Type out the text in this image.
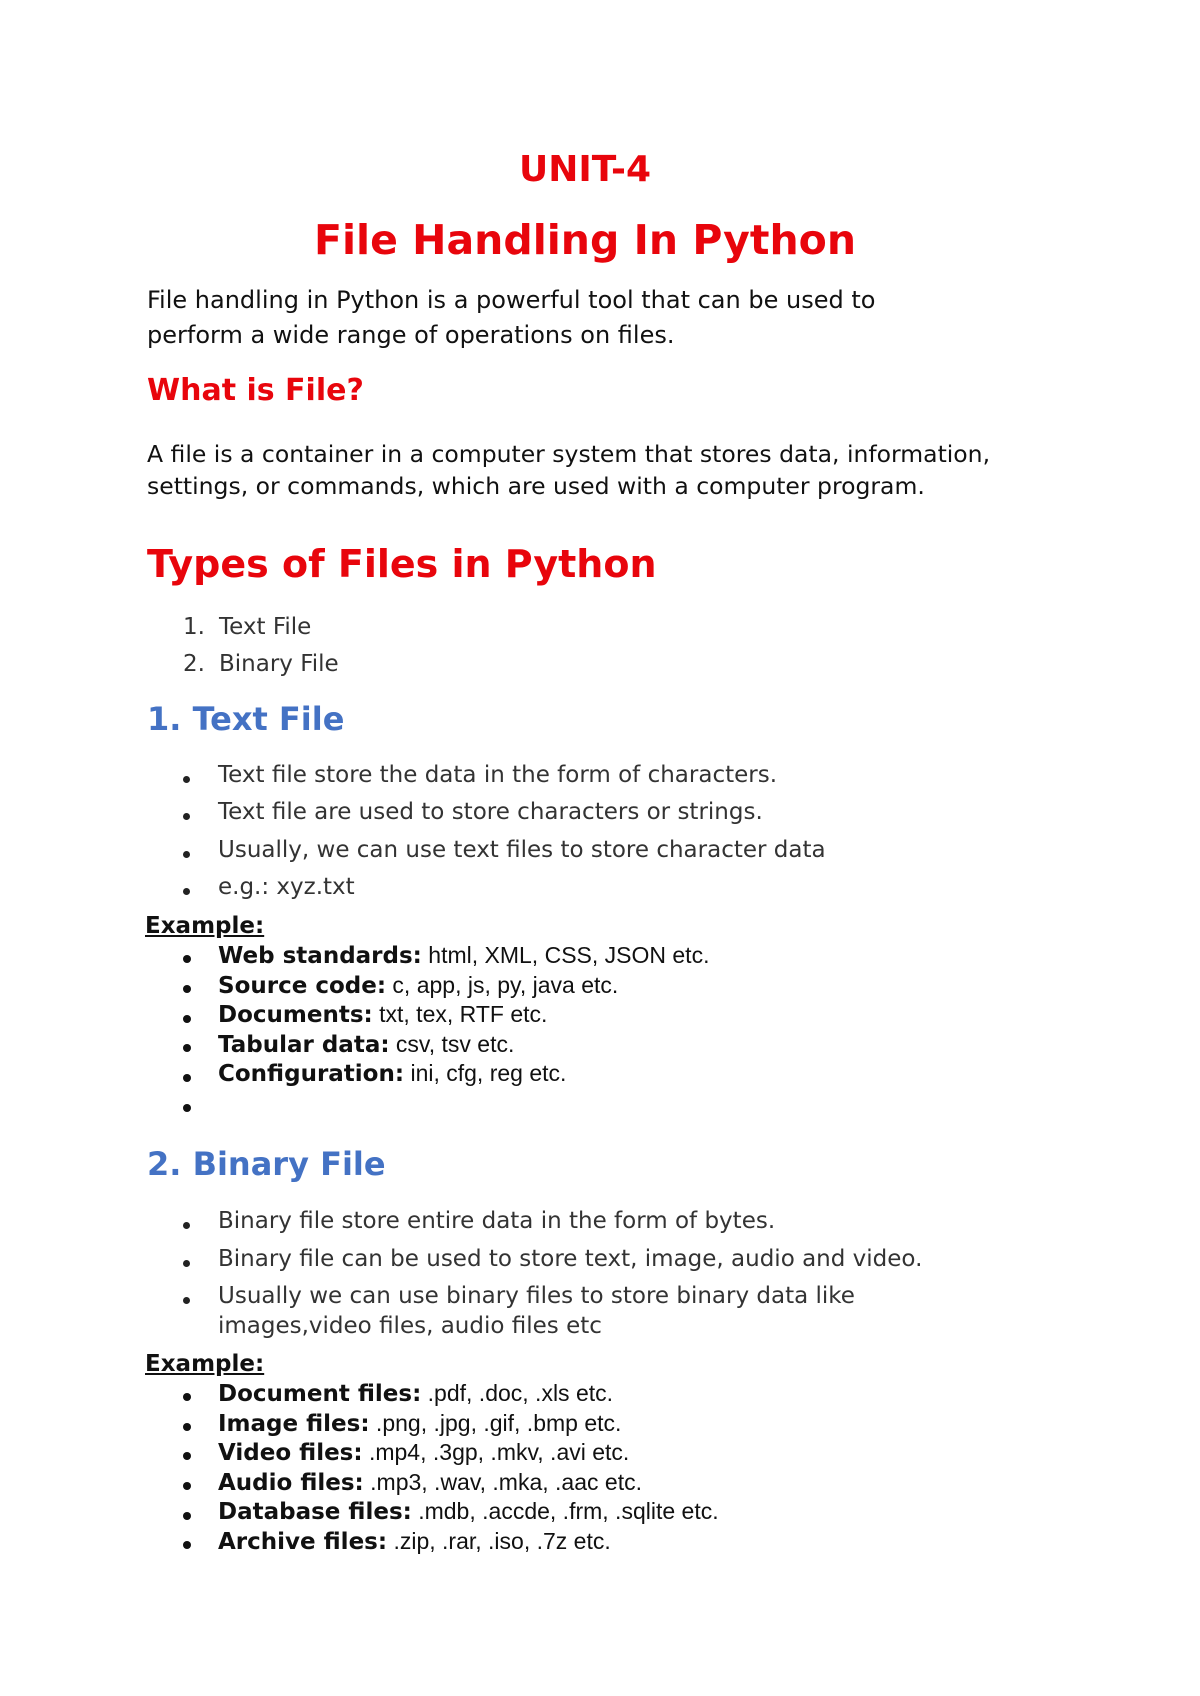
UNIT-4
File Handling In Python
File handling in Python is a powerful tool that can be used to
perform a wide range of operations on files.
What is File?
A file is a container in a computer system that stores data, information,
settings, or commands, which are used with a computer program.
Types of Files in Python
1. Text File
2. Binary File
1. Text File
Text file store the data in the form of characters.
Text file are used to store characters or strings.
Usually, we can use text files to store character data
e.g.: xyz.txt
Example:
Web standards: html, XML, CSS, JSON etc.
Source code: c, app, js, py, java etc.
Documents: txt, tex, RTF etc.
Tabular data: csv, tsv etc.
Configuration: ini, cfg, reg etc.
2. Binary File
Binary file store entire data in the form of bytes.
Binary file can be used to store text, image, audio and video.
Usually we can use binary files to store binary data like
images,video files, audio files etc
Example:
Document files: .pdf, .doc, .xls etc.
Image files: .png, .jpg, .gif, .bmp etc.
Video files: .mp4, .3gp, .mkv, .avi etc.
Audio files: .mp3, .wav, .mka, .aac etc.
Database files: .mdb, .accde, .frm, .sqlite etc.
Archive files: .zip, .rar, .iso, .7z etc.
